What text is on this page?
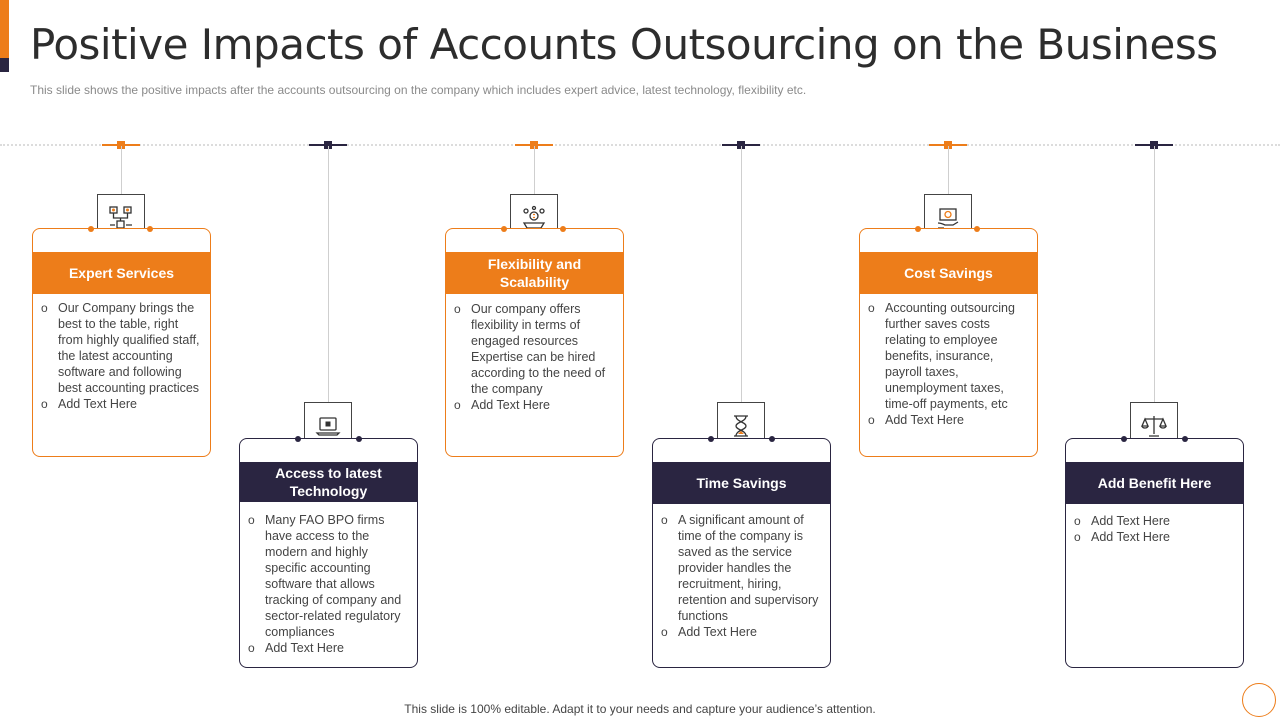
Positive Impacts of Accounts Outsourcing on the Business

This slide shows the positive impacts after the accounts outsourcing on the company which includes expert advice, latest technology, flexibility etc.

Expert Services
o Our Company brings the best to the table, right from highly qualified staff, the latest accounting software and following best accounting practices
o Add Text Here
Access to latest Technology
o Many FAO BPO firms have access to the modern and highly specific accounting software that allows tracking of company and sector-related regulatory compliances
o Add Text Here
Flexibility and Scalability
o Our company offers flexibility in terms of engaged resources Expertise can be hired according to the need of the company
o Add Text Here
Time Savings
o A significant amount of time of the company is saved as the service provider handles the recruitment, hiring, retention and supervisory functions
o Add Text Here
Cost Savings
o Accounting outsourcing further saves costs relating to employee benefits, insurance, payroll taxes, unemployment taxes, time-off payments, etc
o Add Text Here
Add Benefit Here
o Add Text Here
o Add Text Here

This slide is 100% editable. Adapt it to your needs and capture your audience’s attention.
